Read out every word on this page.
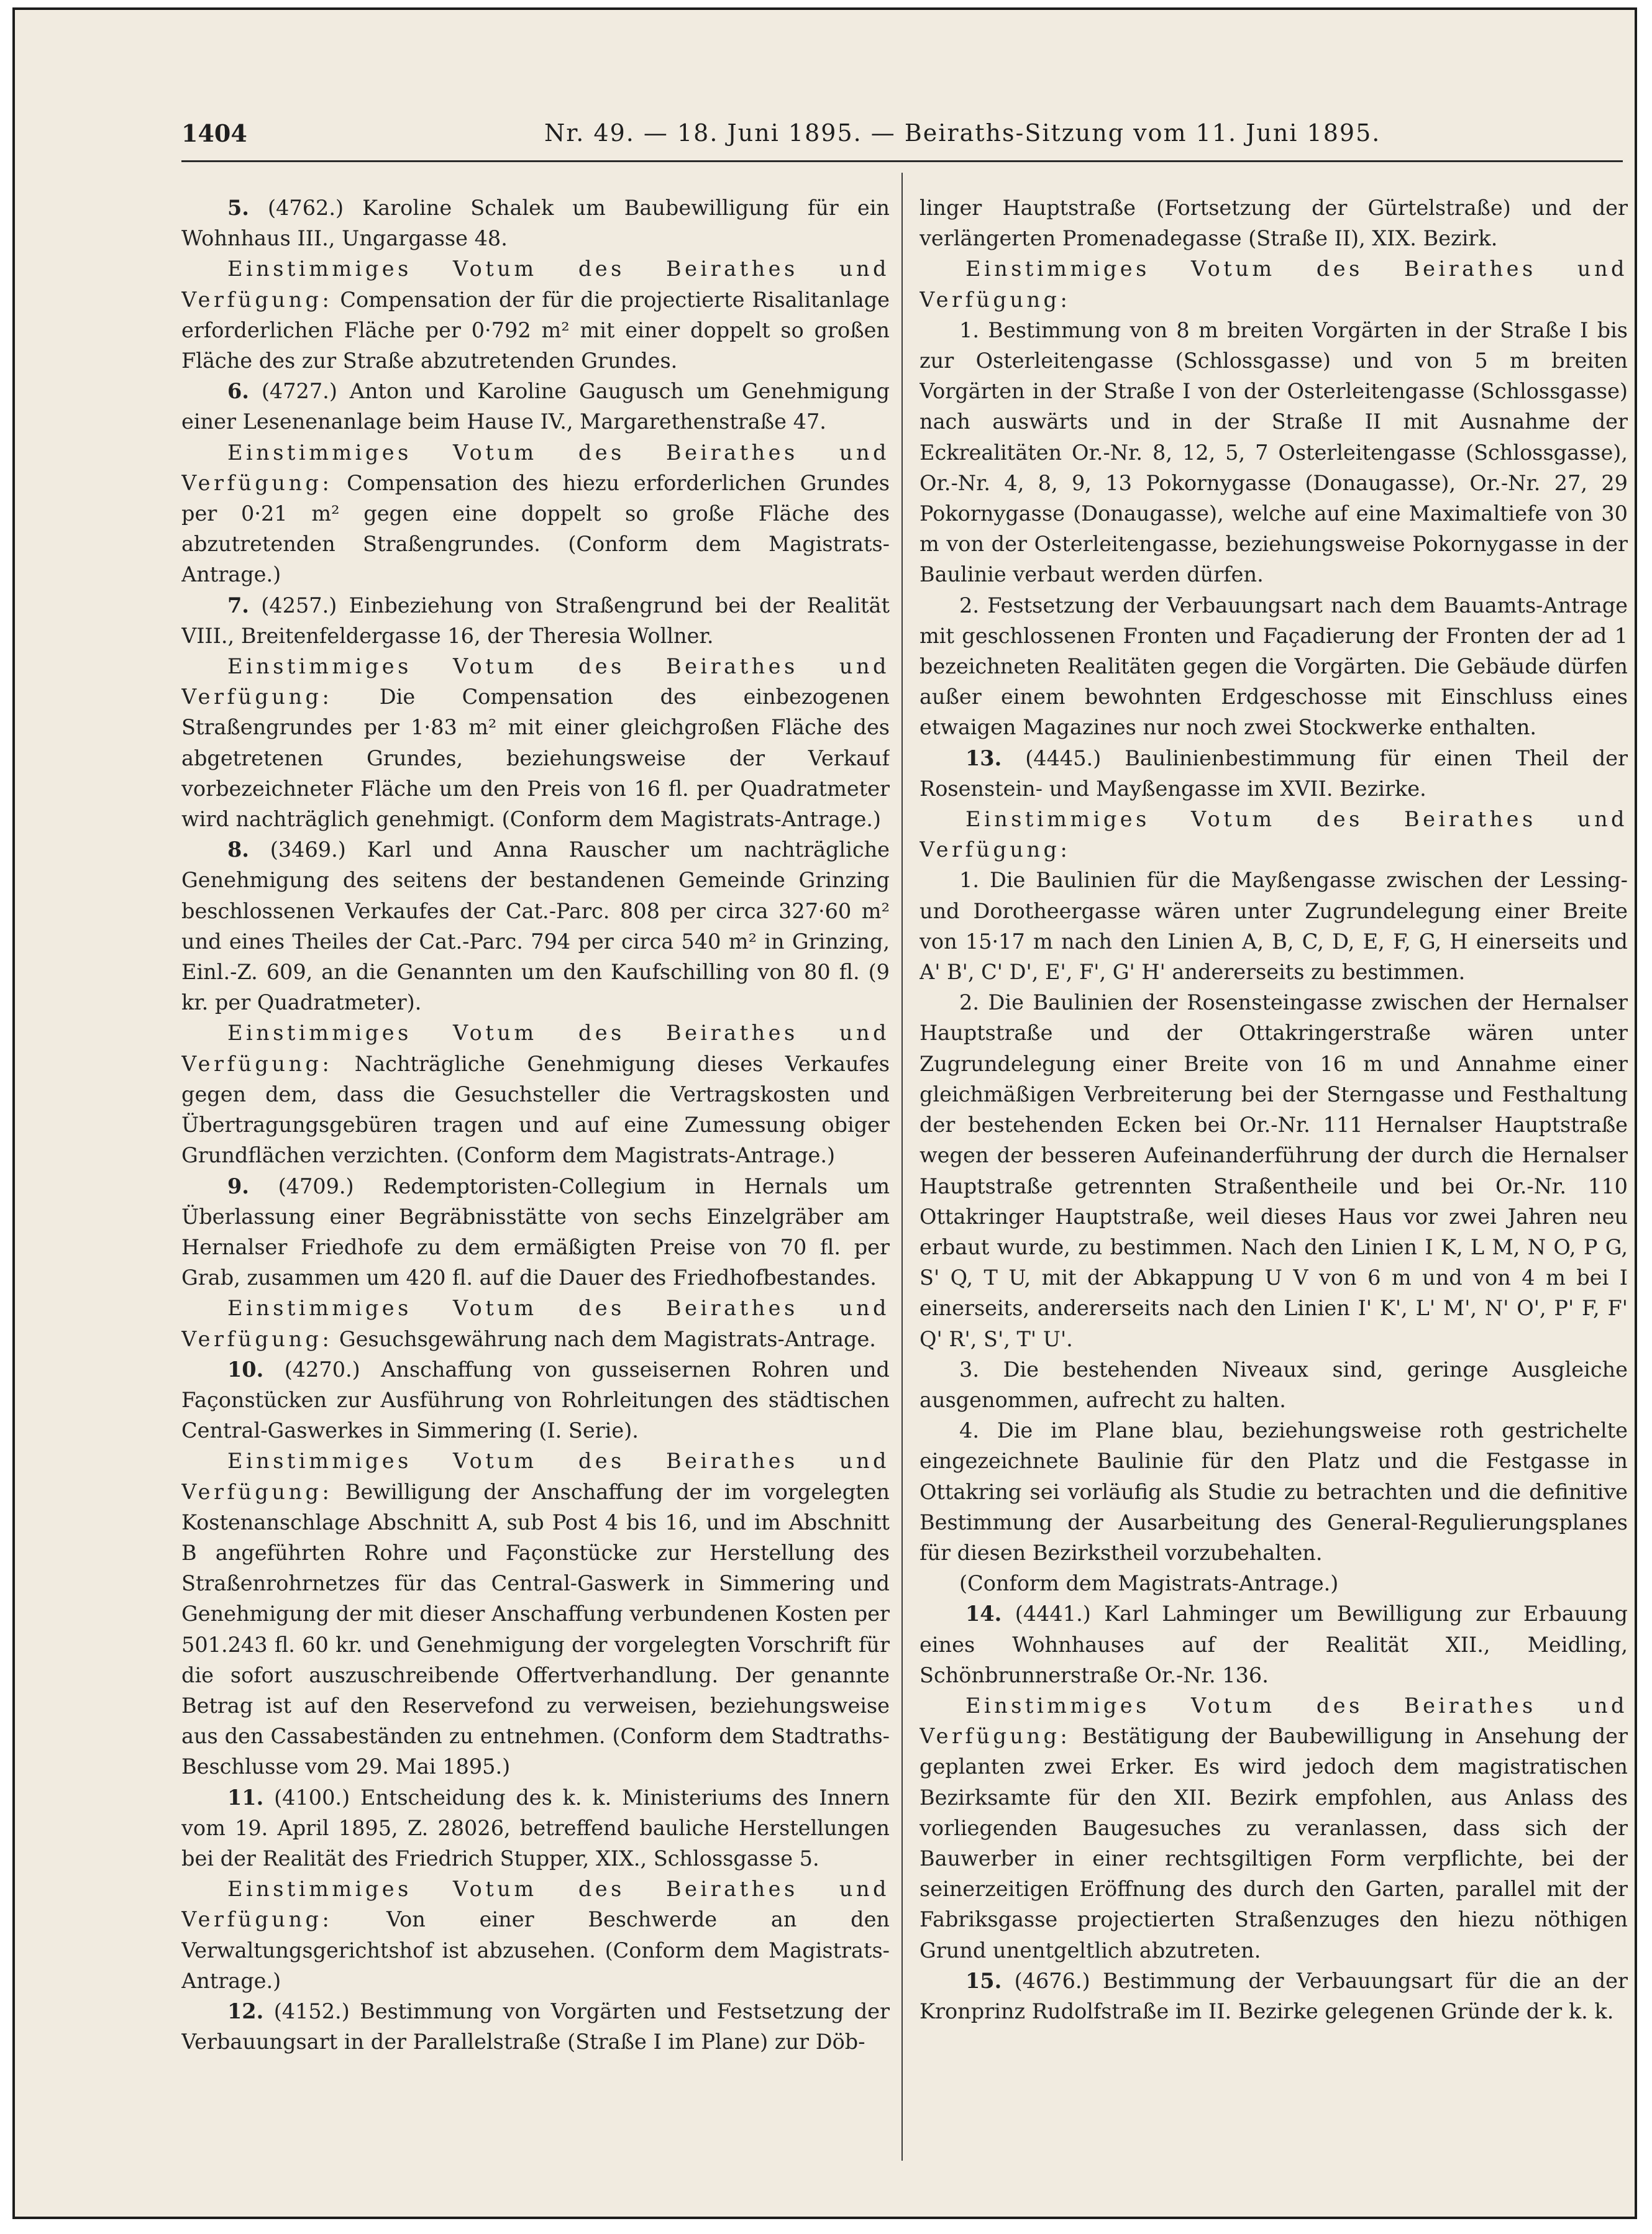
1404	Nr. 49. — 18. Juni 1895. — Beiraths-Sitzung vom 11. Juni 1895.

5. (4762.) Karoline Schalek um Baubewilligung für ein Wohnhaus III., Ungargasse 48.

Einstimmiges Votum des Beirathes und Verfügung: Compensation der für die projectierte Risalitanlage erforderlichen Fläche per 0·792 m² mit einer doppelt so großen Fläche des zur Straße abzutretenden Grundes.

6. (4727.) Anton und Karoline Gaugusch um Genehmigung einer Lesenenanlage beim Hause IV., Margarethenstraße 47.

Einstimmiges Votum des Beirathes und Verfügung: Compensation des hiezu erforderlichen Grundes per 0·21 m² gegen eine doppelt so große Fläche des abzutretenden Straßengrundes. (Conform dem Magistrats-Antrage.)

7. (4257.) Einbeziehung von Straßengrund bei der Realität VIII., Breitenfeldergasse 16, der Theresia Wollner.

Einstimmiges Votum des Beirathes und Verfügung: Die Compensation des einbezogenen Straßengrundes per 1·83 m² mit einer gleichgroßen Fläche des abgetretenen Grundes, beziehungsweise der Verkauf vorbezeichneter Fläche um den Preis von 16 fl. per Quadratmeter wird nachträglich genehmigt. (Conform dem Magistrats-Antrage.)

8. (3469.) Karl und Anna Rauscher um nachträgliche Genehmigung des seitens der bestandenen Gemeinde Grinzing beschlossenen Verkaufes der Cat.-Parc. 808 per circa 327·60 m² und eines Theiles der Cat.-Parc. 794 per circa 540 m² in Grinzing, Einl.-Z. 609, an die Genannten um den Kaufschilling von 80 fl. (9 kr. per Quadratmeter).

Einstimmiges Votum des Beirathes und Verfügung: Nachträgliche Genehmigung dieses Verkaufes gegen dem, dass die Gesuchsteller die Vertragskosten und Übertragungsgebüren tragen und auf eine Zumessung obiger Grundflächen verzichten. (Conform dem Magistrats-Antrage.)

9. (4709.) Redemptoristen-Collegium in Hernals um Überlassung einer Begräbnisstätte von sechs Einzelgräber am Hernalser Friedhofe zu dem ermäßigten Preise von 70 fl. per Grab, zusammen um 420 fl. auf die Dauer des Friedhofbestandes.

Einstimmiges Votum des Beirathes und Verfügung: Gesuchsgewährung nach dem Magistrats-Antrage.

10. (4270.) Anschaffung von gusseisernen Rohren und Façonstücken zur Ausführung von Rohrleitungen des städtischen Central-Gaswerkes in Simmering (I. Serie).

Einstimmiges Votum des Beirathes und Verfügung: Bewilligung der Anschaffung der im vorgelegten Kostenanschlage Abschnitt A, sub Post 4 bis 16, und im Abschnitt B angeführten Rohre und Façonstücke zur Herstellung des Straßenrohrnetzes für das Central-Gaswerk in Simmering und Genehmigung der mit dieser Anschaffung verbundenen Kosten per 501.243 fl. 60 kr. und Genehmigung der vorgelegten Vorschrift für die sofort auszuschreibende Offertverhandlung. Der genannte Betrag ist auf den Reservefond zu verweisen, beziehungsweise aus den Cassabeständen zu entnehmen. (Conform dem Stadtraths-Beschlusse vom 29. Mai 1895.)

11. (4100.) Entscheidung des k. k. Ministeriums des Innern vom 19. April 1895, Z. 28026, betreffend bauliche Herstellungen bei der Realität des Friedrich Stupper, XIX., Schlossgasse 5.

Einstimmiges Votum des Beirathes und Verfügung: Von einer Beschwerde an den Verwaltungsgerichtshof ist abzusehen. (Conform dem Magistrats-Antrage.)

12. (4152.) Bestimmung von Vorgärten und Festsetzung der Verbauungsart in der Parallelstraße (Straße I im Plane) zur Döb-

linger Hauptstraße (Fortsetzung der Gürtelstraße) und der verlängerten Promenadegasse (Straße II), XIX. Bezirk.

Einstimmiges Votum des Beirathes und Verfügung:

1. Bestimmung von 8 m breiten Vorgärten in der Straße I bis zur Osterleitengasse (Schlossgasse) und von 5 m breiten Vorgärten in der Straße I von der Osterleitengasse (Schlossgasse) nach auswärts und in der Straße II mit Ausnahme der Eckrealitäten Or.-Nr. 8, 12, 5, 7 Osterleitengasse (Schlossgasse), Or.-Nr. 4, 8, 9, 13 Pokornygasse (Donaugasse), Or.-Nr. 27, 29 Pokornygasse (Donaugasse), welche auf eine Maximaltiefe von 30 m von der Osterleitengasse, beziehungsweise Pokornygasse in der Baulinie verbaut werden dürfen.

2. Festsetzung der Verbauungsart nach dem Bauamts-Antrage mit geschlossenen Fronten und Façadierung der Fronten der ad 1 bezeichneten Realitäten gegen die Vorgärten. Die Gebäude dürfen außer einem bewohnten Erdgeschosse mit Einschluss eines etwaigen Magazines nur noch zwei Stockwerke enthalten.

13. (4445.) Baulinienbestimmung für einen Theil der Rosenstein- und Mayßengasse im XVII. Bezirke.

Einstimmiges Votum des Beirathes und Verfügung:

1. Die Baulinien für die Mayßengasse zwischen der Lessing- und Dorotheergasse wären unter Zugrundelegung einer Breite von 15·17 m nach den Linien A, B, C, D, E, F, G, H einerseits und A' B', C' D', E', F', G' H' andererseits zu bestimmen.

2. Die Baulinien der Rosensteingasse zwischen der Hernalser Hauptstraße und der Ottakringerstraße wären unter Zugrundelegung einer Breite von 16 m und Annahme einer gleichmäßigen Verbreiterung bei der Sterngasse und Festhaltung der bestehenden Ecken bei Or.-Nr. 111 Hernalser Hauptstraße wegen der besseren Aufeinanderführung der durch die Hernalser Hauptstraße getrennten Straßentheile und bei Or.-Nr. 110 Ottakringer Hauptstraße, weil dieses Haus vor zwei Jahren neu erbaut wurde, zu bestimmen. Nach den Linien I K, L M, N O, P G, S' Q, T U, mit der Abkappung U V von 6 m und von 4 m bei I einerseits, andererseits nach den Linien I' K', L' M', N' O', P' F, F' Q' R', S', T' U'.

3. Die bestehenden Niveaux sind, geringe Ausgleiche ausgenommen, aufrecht zu halten.

4. Die im Plane blau, beziehungsweise roth gestrichelte eingezeichnete Baulinie für den Platz und die Festgasse in Ottakring sei vorläufig als Studie zu betrachten und die definitive Bestimmung der Ausarbeitung des General-Regulierungsplanes für diesen Bezirkstheil vorzubehalten.

(Conform dem Magistrats-Antrage.)

14. (4441.) Karl Lahminger um Bewilligung zur Erbauung eines Wohnhauses auf der Realität XII., Meidling, Schönbrunnerstraße Or.-Nr. 136.

Einstimmiges Votum des Beirathes und Verfügung: Bestätigung der Baubewilligung in Ansehung der geplanten zwei Erker. Es wird jedoch dem magistratischen Bezirksamte für den XII. Bezirk empfohlen, aus Anlass des vorliegenden Baugesuches zu veranlassen, dass sich der Bauwerber in einer rechtsgiltigen Form verpflichte, bei der seinerzeitigen Eröffnung des durch den Garten, parallel mit der Fabriksgasse projectierten Straßenzuges den hiezu nöthigen Grund unentgeltlich abzutreten.

15. (4676.) Bestimmung der Verbauungsart für die an der Kronprinz Rudolfstraße im II. Bezirke gelegenen Gründe der k. k.
